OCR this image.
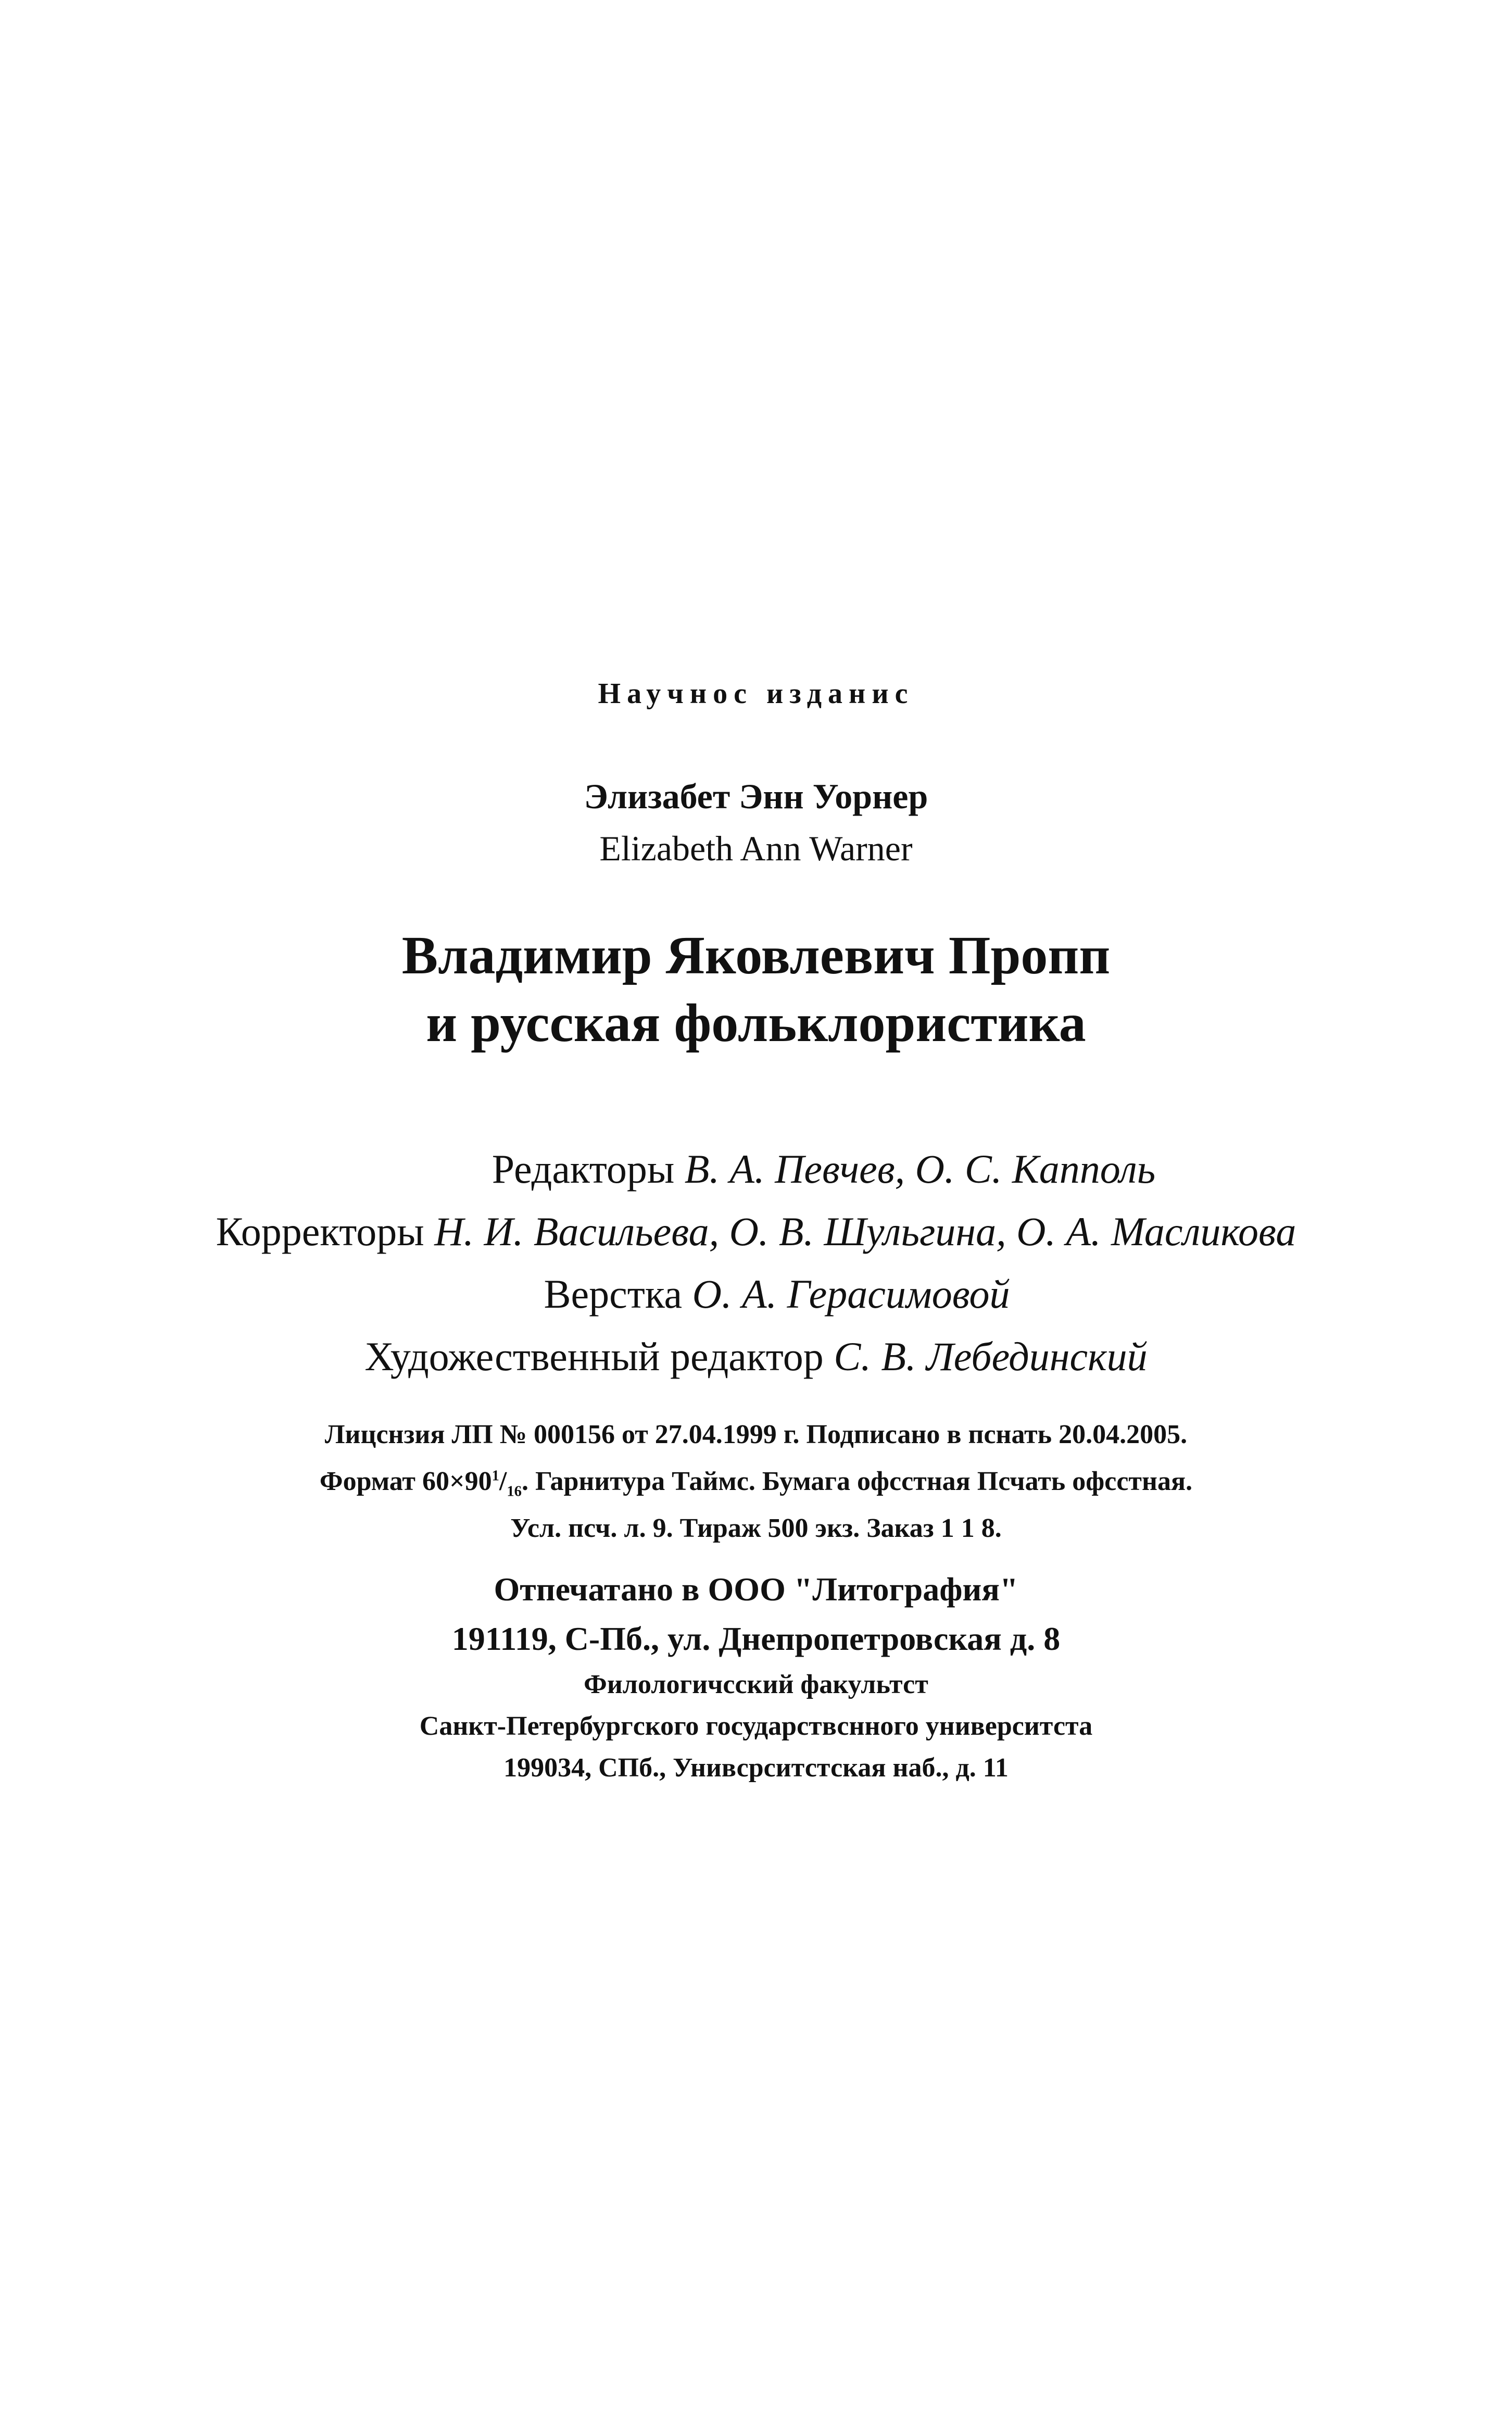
Научнос изданис
Элизабет Энн Уорнер
Elizabeth Ann Warner
Владимир Яковлевич Пропп
и русская фольклористика
Редакторы В. А. Певчев, О. С. Капполь
Корректоры Н. И. Васильева, О. В. Шульгина, О. А. Масликова
Верстка О. А. Герасимовой
Художественный редактор С. В. Лебединский
Лицснзия ЛП № 000156 от 27.04.1999 г. Подписано в пснать 20.04.2005.
Формат $60\times 90^1/_{16}$. Гарнитура Таймс. Бумага офсстная Псчать офсстная.
Усл. псч. л. 9. Тираж 500 экз. Заказ 1 1 8.
Отпечатано в ООО "Литография"
191119, С-Пб., ул. Днепропетровская д. 8
Филологичсский факультст
Санкт-Петербургского государствснного университста
199034, СПб., Унивсрситстская наб., д. 11
